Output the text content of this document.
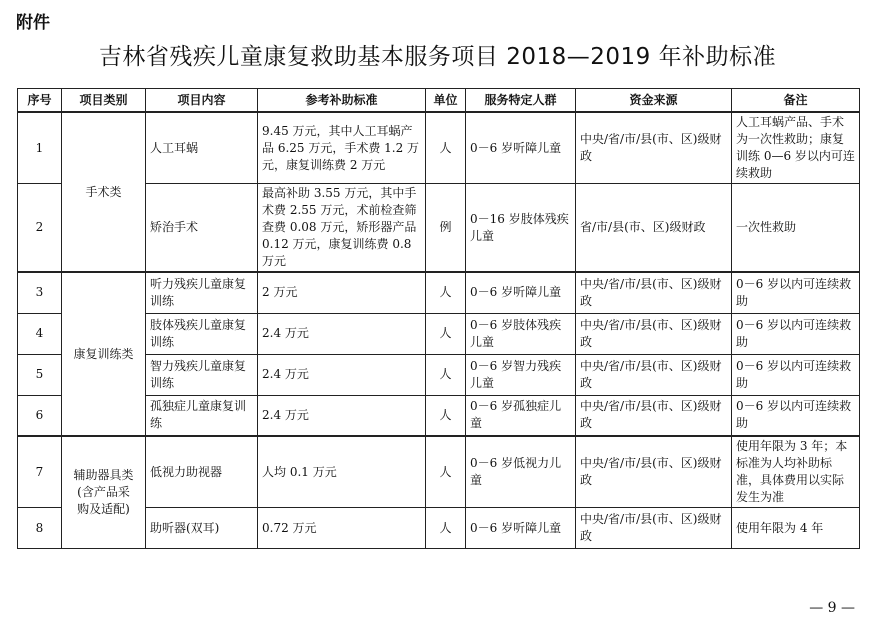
附件
吉林省残疾儿童康复救助基本服务项目 2018—2019 年补助标准
序号	项目类别	项目内容	参考补助标准	单位	服务特定人群	资金来源	备注
1	手术类	人工耳蜗	9.45 万元，其中人工耳蜗产品 6.25 万元，手术费 1.2 万元，康复训练费 2 万元	人	0－6 岁听障儿童	中央/省/市/县(市、区)级财政	人工耳蜗产品、手术为一次性救助；康复训练 0—6 岁以内可连续救助
2		矫治手术	最高补助 3.55 万元，其中手术费 2.55 万元，术前检查筛查费 0.08 万元，矫形器产品 0.12 万元，康复训练费 0.8 万元	例	0－16 岁肢体残疾儿童	省/市/县(市、区)级财政	一次性救助
3	康复训练类	听力残疾儿童康复训练	2 万元	人	0－6 岁听障儿童	中央/省/市/县(市、区)级财政	0－6 岁以内可连续救助
4		肢体残疾儿童康复训练	2.4 万元	人	0－6 岁肢体残疾儿童	中央/省/市/县(市、区)级财政	0－6 岁以内可连续救助
5		智力残疾儿童康复训练	2.4 万元	人	0－6 岁智力残疾儿童	中央/省/市/县(市、区)级财政	0－6 岁以内可连续救助
6		孤独症儿童康复训练	2.4 万元	人	0－6 岁孤独症儿童	中央/省/市/县(市、区)级财政	0－6 岁以内可连续救助
7	辅助器具类(含产品采购及适配)	低视力助视器	人均 0.1 万元	人	0－6 岁低视力儿童	中央/省/市/县(市、区)级财政	使用年限为 3 年；本标准为人均补助标准，具体费用以实际发生为准
8		助听器(双耳)	0.72 万元	人	0－6 岁听障儿童	中央/省/市/县(市、区)级财政	使用年限为 4 年
— 9 —
